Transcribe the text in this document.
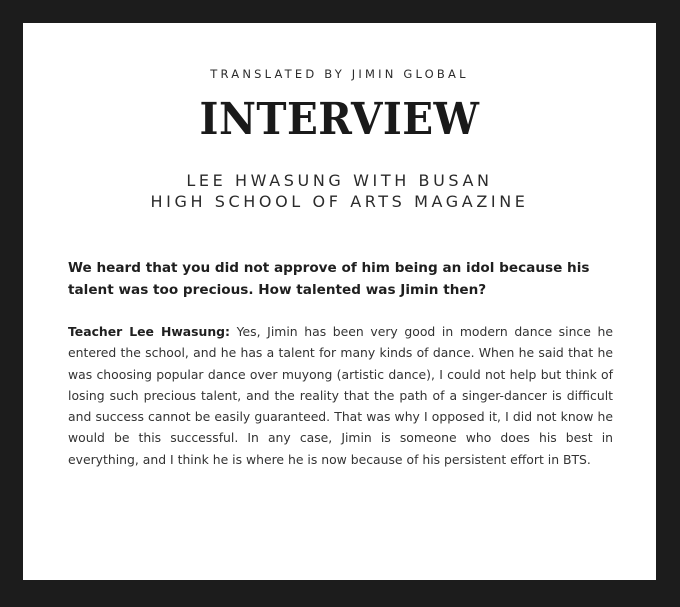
TRANSLATED BY JIMIN GLOBAL
INTERVIEW
LEE HWASUNG WITH BUSAN
HIGH SCHOOL OF ARTS MAGAZINE
We heard that you did not approve of him being an idol because his talent was too precious. How talented was Jimin then?
Teacher Lee Hwasung: Yes, Jimin has been very good in modern dance since he entered the school, and he has a talent for many kinds of dance. When he said that he was choosing popular dance over muyong (artistic dance), I could not help but think of losing such precious talent, and the reality that the path of a singer-dancer is difficult and success cannot be easily guaranteed. That was why I opposed it, I did not know he would be this successful. In any case, Jimin is someone who does his best in everything, and I think he is where he is now because of his persistent effort in BTS.
